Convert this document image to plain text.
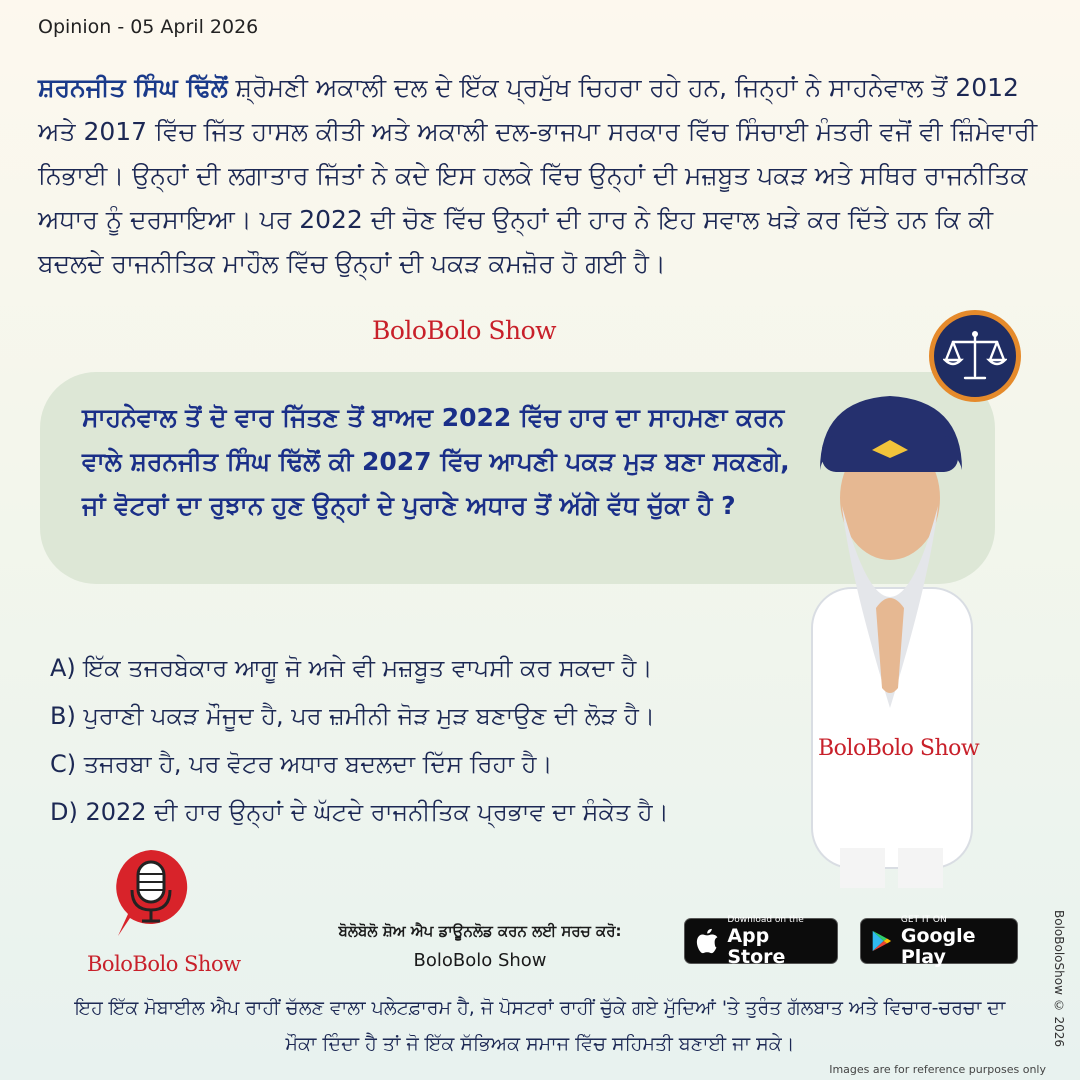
Opinion - 05 April 2026
ਸ਼ਰਨਜੀਤ ਸਿੰਘ ਢਿੱਲੋਂ ਸ਼੍ਰੋਮਣੀ ਅਕਾਲੀ ਦਲ ਦੇ ਇੱਕ ਪ੍ਰਮੁੱਖ ਚਿਹਰਾ ਰਹੇ ਹਨ, ਜਿਨ੍ਹਾਂ ਨੇ ਸਾਹਨੇਵਾਲ ਤੋਂ 2012 ਅਤੇ 2017 ਵਿੱਚ ਜਿੱਤ ਹਾਸਲ ਕੀਤੀ ਅਤੇ ਅਕਾਲੀ ਦਲ-ਭਾਜਪਾ ਸਰਕਾਰ ਵਿੱਚ ਸਿੰਚਾਈ ਮੰਤਰੀ ਵਜੋਂ ਵੀ ਜ਼ਿੰਮੇਵਾਰੀ ਨਿਭਾਈ। ਉਨ੍ਹਾਂ ਦੀ ਲਗਾਤਾਰ ਜਿੱਤਾਂ ਨੇ ਕਦੇ ਇਸ ਹਲਕੇ ਵਿੱਚ ਉਨ੍ਹਾਂ ਦੀ ਮਜ਼ਬੂਤ ਪਕੜ ਅਤੇ ਸਥਿਰ ਰਾਜਨੀਤਿਕ ਅਧਾਰ ਨੂੰ ਦਰਸਾਇਆ। ਪਰ 2022 ਦੀ ਚੋਣ ਵਿੱਚ ਉਨ੍ਹਾਂ ਦੀ ਹਾਰ ਨੇ ਇਹ ਸਵਾਲ ਖੜੇ ਕਰ ਦਿੱਤੇ ਹਨ ਕਿ ਕੀ ਬਦਲਦੇ ਰਾਜਨੀਤਿਕ ਮਾਹੌਲ ਵਿੱਚ ਉਨ੍ਹਾਂ ਦੀ ਪਕੜ ਕਮਜ਼ੋਰ ਹੋ ਗਈ ਹੈ।
BoloBolo Show
ਸਾਹਨੇਵਾਲ ਤੋਂ ਦੋ ਵਾਰ ਜਿੱਤਣ ਤੋਂ ਬਾਅਦ 2022 ਵਿੱਚ ਹਾਰ ਦਾ ਸਾਹਮਣਾ ਕਰਨ ਵਾਲੇ ਸ਼ਰਨਜੀਤ ਸਿੰਘ ਢਿੱਲੋਂ ਕੀ 2027 ਵਿੱਚ ਆਪਣੀ ਪਕੜ ਮੁੜ ਬਣਾ ਸਕਣਗੇ, ਜਾਂ ਵੋਟਰਾਂ ਦਾ ਰੁਝਾਨ ਹੁਣ ਉਨ੍ਹਾਂ ਦੇ ਪੁਰਾਣੇ ਅਧਾਰ ਤੋਂ ਅੱਗੇ ਵੱਧ ਚੁੱਕਾ ਹੈ ?
BoloBolo Show
A) ਇੱਕ ਤਜਰਬੇਕਾਰ ਆਗੂ ਜੋ ਅਜੇ ਵੀ ਮਜ਼ਬੂਤ ਵਾਪਸੀ ਕਰ ਸਕਦਾ ਹੈ।
B) ਪੁਰਾਣੀ ਪਕੜ ਮੌਜੂਦ ਹੈ, ਪਰ ਜ਼ਮੀਨੀ ਜੋੜ ਮੁੜ ਬਣਾਉਣ ਦੀ ਲੋੜ ਹੈ।
C) ਤਜਰਬਾ ਹੈ, ਪਰ ਵੋਟਰ ਅਧਾਰ ਬਦਲਦਾ ਦਿੱਸ ਰਿਹਾ ਹੈ।
D) 2022 ਦੀ ਹਾਰ ਉਨ੍ਹਾਂ ਦੇ ਘੱਟਦੇ ਰਾਜਨੀਤਿਕ ਪ੍ਰਭਾਵ ਦਾ ਸੰਕੇਤ ਹੈ।
BoloBolo Show
ਬੋਲੋਬੋਲੋ ਸ਼ੋਅ ਐਪ ਡਾਊਨਲੋਡ ਕਰਨ ਲਈ ਸਰਚ ਕਰੋ:
BoloBolo Show
Download on the
App Store
GET IT ON
Google Play
ਇਹ ਇੱਕ ਮੋਬਾਈਲ ਐਪ ਰਾਹੀਂ ਚੱਲਣ ਵਾਲਾ ਪਲੇਟਫ਼ਾਰਮ ਹੈ, ਜੋ ਪੋਸਟਰਾਂ ਰਾਹੀਂ ਚੁੱਕੇ ਗਏ ਮੁੱਦਿਆਂ 'ਤੇ ਤੁਰੰਤ ਗੱਲਬਾਤ ਅਤੇ ਵਿਚਾਰ-ਚਰਚਾ ਦਾ ਮੌਕਾ ਦਿੰਦਾ ਹੈ ਤਾਂ ਜੋ ਇੱਕ ਸੱਭਿਅਕ ਸਮਾਜ ਵਿੱਚ ਸਹਿਮਤੀ ਬਣਾਈ ਜਾ ਸਕੇ।	BoloBoloShow © 2026
Images are for reference purposes only
